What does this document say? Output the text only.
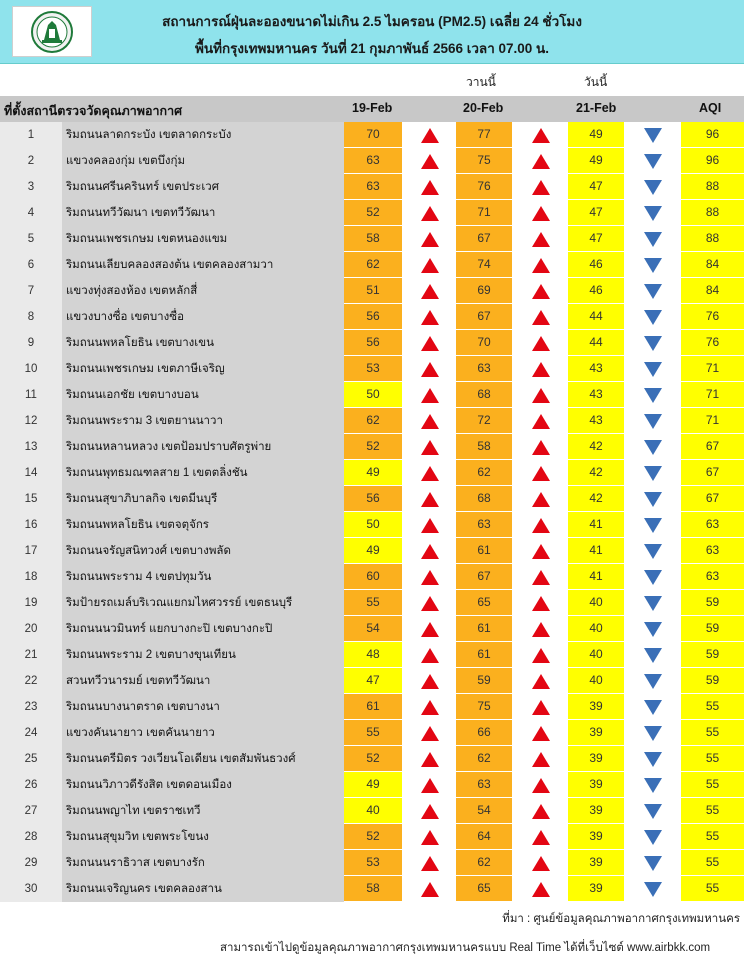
สถานการณ์ฝุ่นละอองขนาดไม่เกิน 2.5 ไมครอน (PM2.5) เฉลี่ย 24 ชั่วโมง
พื้นที่กรุงเทพมหานคร วันที่ 21 กุมภาพันธ์ 2566 เวลา 07.00 น.
วานนี้	วันนี้
ที่ตั้งสถานีตรวจวัดคุณภาพอากาศ	19-Feb	20-Feb	21-Feb	AQI
1	ริมถนนลาดกระบัง เขตลาดกระบัง	70	77	49	96
2	แขวงคลองกุ่ม เขตบึงกุ่ม	63	75	49	96
3	ริมถนนศรีนครินทร์ เขตประเวศ	63	76	47	88
4	ริมถนนทวีวัฒนา เขตทวีวัฒนา	52	71	47	88
5	ริมถนนเพชรเกษม เขตหนองแขม	58	67	47	88
6	ริมถนนเลียบคลองสองต้น เขตคลองสามวา	62	74	46	84
7	แขวงทุ่งสองห้อง เขตหลักสี่	51	69	46	84
8	แขวงบางซื่อ เขตบางซื่อ	56	67	44	76
9	ริมถนนพหลโยธิน เขตบางเขน	56	70	44	76
10	ริมถนนเพชรเกษม เขตภาษีเจริญ	53	63	43	71
11	ริมถนนเอกชัย เขตบางบอน	50	68	43	71
12	ริมถนนพระราม 3 เขตยานนาวา	62	72	43	71
13	ริมถนนหลานหลวง เขตป้อมปราบศัตรูพ่าย	52	58	42	67
14	ริมถนนพุทธมณฑลสาย 1 เขตตลิ่งชัน	49	62	42	67
15	ริมถนนสุขาภิบาลกิจ เขตมีนบุรี	56	68	42	67
16	ริมถนนพหลโยธิน เขตจตุจักร	50	63	41	63
17	ริมถนนจรัญสนิทวงศ์ เขตบางพลัด	49	61	41	63
18	ริมถนนพระราม 4 เขตปทุมวัน	60	67	41	63
19	ริมป้ายรถเมล์บริเวณแยกมไหศวรรย์ เขตธนบุรี	55	65	40	59
20	ริมถนนนวมินทร์ แยกบางกะปิ เขตบางกะปิ	54	61	40	59
21	ริมถนนพระราม 2 เขตบางขุนเทียน	48	61	40	59
22	สวนทวีวนารมย์ เขตทวีวัฒนา	47	59	40	59
23	ริมถนนบางนาตราด เขตบางนา	61	75	39	55
24	แขวงคันนายาว เขตคันนายาว	55	66	39	55
25	ริมถนนตรีมิตร วงเวียนโอเดียน เขตสัมพันธวงศ์	52	62	39	55
26	ริมถนนวิภาวดีรังสิต เขตดอนเมือง	49	63	39	55
27	ริมถนนพญาไท เขตราชเทวี	40	54	39	55
28	ริมถนนสุขุมวิท เขตพระโขนง	52	64	39	55
29	ริมถนนนราธิวาส เขตบางรัก	53	62	39	55
30	ริมถนนเจริญนคร เขตคลองสาน	58	65	39	55
ที่มา : ศูนย์ข้อมูลคุณภาพอากาศกรุงเทพมหานคร
สามารถเข้าไปดูข้อมูลคุณภาพอากาศกรุงเทพมหานครแบบ Real Time ได้ที่เว็บไซต์ www.airbkk.com
